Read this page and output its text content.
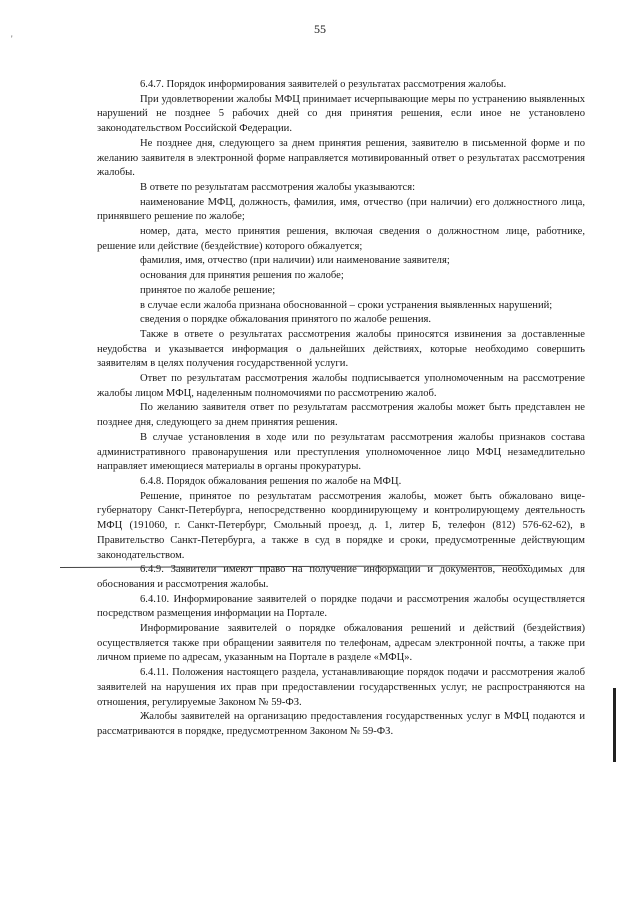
'
55

6.4.7. Порядок информирования заявителей о результатах рассмотрения жалобы.

При удовлетворении жалобы МФЦ принимает исчерпывающие меры по устранению выявленных нарушений не позднее 5 рабочих дней со дня принятия решения, если иное не установлено законодательством Российской Федерации.

Не позднее дня, следующего за днем принятия решения, заявителю в письменной форме и по желанию заявителя в электронной форме направляется мотивированный ответ о результатах рассмотрения жалобы.

В ответе по результатам рассмотрения жалобы указываются:

наименование МФЦ, должность, фамилия, имя, отчество (при наличии) его должностного лица, принявшего решение по жалобе;

номер, дата, место принятия решения, включая сведения о должностном лице, работнике, решение или действие (бездействие) которого обжалуется;

фамилия, имя, отчество (при наличии) или наименование заявителя;

основания для принятия решения по жалобе;

принятое по жалобе решение;

в случае если жалоба признана обоснованной – сроки устранения выявленных нарушений;

сведения о порядке обжалования принятого по жалобе решения.

Также в ответе о результатах рассмотрения жалобы приносятся извинения за доставленные неудобства и указывается информация о дальнейших действиях, которые необходимо совершить заявителям в целях получения государственной услуги.

Ответ по результатам рассмотрения жалобы подписывается уполномоченным на рассмотрение жалобы лицом МФЦ, наделенным полномочиями по рассмотрению жалоб.

По желанию заявителя ответ по результатам рассмотрения жалобы может быть представлен не позднее дня, следующего за днем принятия решения.

В случае установления в ходе или по результатам рассмотрения жалобы признаков состава административного правонарушения или преступления уполномоченное лицо МФЦ незамедлительно направляет имеющиеся материалы в органы прокуратуры.

6.4.8. Порядок обжалования решения по жалобе на МФЦ.

Решение, принятое по результатам рассмотрения жалобы, может быть обжаловано вице-губернатору Санкт-Петербурга, непосредственно координирующему и контролирующему деятельность МФЦ (191060, г. Санкт-Петербург, Смольный проезд, д. 1, литер Б, телефон (812) 576-62-62), в Правительство Санкт-Петербурга, а также в суд в порядке и сроки, предусмотренные действующим законодательством.

6.4.9. Заявители имеют право на получение информации и документов, необходимых для обоснования и рассмотрения жалобы.

6.4.10. Информирование заявителей о порядке подачи и рассмотрения жалобы осуществляется посредством размещения информации на Портале.

Информирование заявителей о порядке обжалования решений и действий (бездействия) осуществляется также при обращении заявителя по телефонам, адресам электронной почты, а также при личном приеме по адресам, указанным на Портале в разделе «МФЦ».

6.4.11. Положения настоящего раздела, устанавливающие порядок подачи и рассмотрения жалоб заявителей на нарушения их прав при предоставлении государственных услуг, не распространяются на отношения, регулируемые Законом № 59-ФЗ.

Жалобы заявителей на организацию предоставления государственных услуг в МФЦ подаются и рассматриваются в порядке, предусмотренном Законом № 59-ФЗ.
